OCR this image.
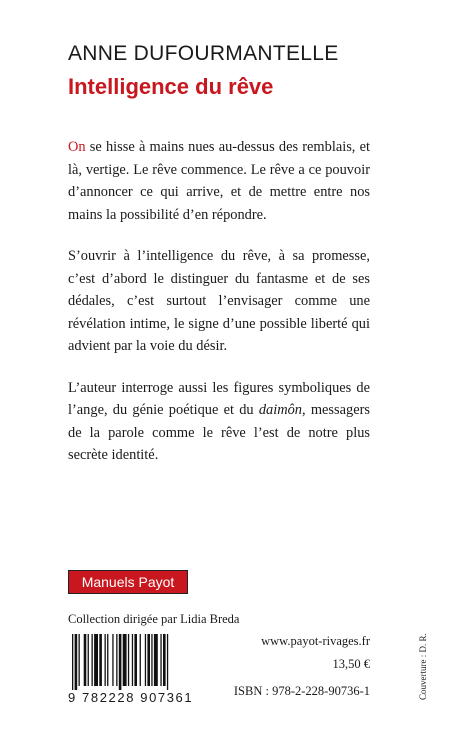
ANNE DUFOURMANTELLE
Intelligence du rêve

On se hisse à mains nues au-dessus des remblais, et là, vertige. Le rêve commence. Le rêve a ce pouvoir d’annoncer ce qui arrive, et de mettre entre nos mains la possibilité d’en répondre.

S’ouvrir à l’intelligence du rêve, à sa promesse, c’est d’abord le distinguer du fantasme et de ses dédales, c’est surtout l’envisager comme une révélation intime, le signe d’une possible liberté qui advient par la voie du désir.

L’auteur interroge aussi les figures symboliques de l’ange, du génie poétique et du daimôn, messagers de la parole comme le rêve l’est de notre plus secrète identité.

Manuels Payot
Collection dirigée par Lidia Breda
9 782228 907361
www.payot-rivages.fr
13,50 €
ISBN : 978-2-228-90736-1	Couverture : D. R.
